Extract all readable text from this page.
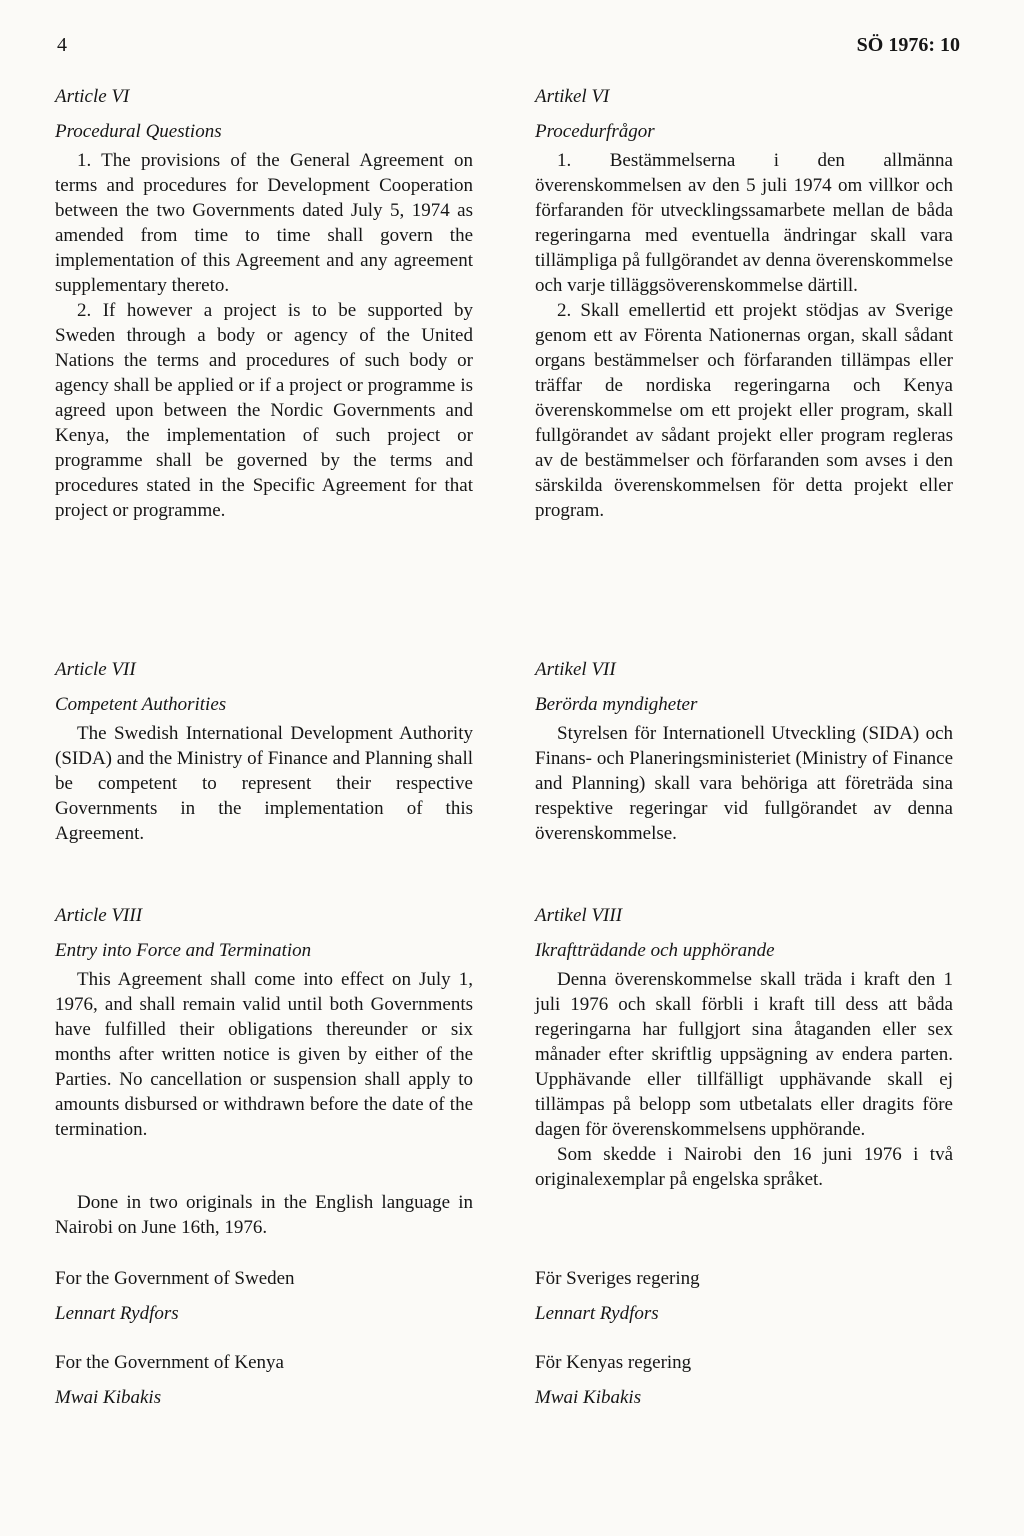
4	SÖ 1976: 10
Article VI
Procedural Questions

1. The provisions of the General Agreement on terms and procedures for Development Cooperation between the two Governments dated July 5, 1974 as amended from time to time shall govern the implementation of this Agreement and any agreement supplementary thereto.

2. If however a project is to be supported by Sweden through a body or agency of the United Nations the terms and procedures of such body or agency shall be applied or if a project or programme is agreed upon between the Nordic Governments and Kenya, the implementation of such project or programme shall be governed by the terms and procedures stated in the Specific Agreement for that project or programme.

Article VII
Competent Authorities

The Swedish International Development Authority (SIDA) and the Ministry of Finance and Planning shall be competent to represent their respective Governments in the implementation of this Agreement.

Article VIII
Entry into Force and Termination

This Agreement shall come into effect on July 1, 1976, and shall remain valid until both Governments have fulfilled their obligations thereunder or six months after written notice is given by either of the Parties. No cancellation or suspension shall apply to amounts disbursed or withdrawn before the date of the termination.

Done in two originals in the English language in Nairobi on June 16th, 1976.

For the Government of Sweden
Lennart Rydfors
For the Government of Kenya
Mwai Kibakis
Artikel VI
Procedurfrågor

1. Bestämmelserna i den allmänna överenskommelsen av den 5 juli 1974 om villkor och förfaranden för utvecklingssamarbete mellan de båda regeringarna med eventuella ändringar skall vara tillämpliga på fullgörandet av denna överenskommelse och varje tilläggsöverenskommelse därtill.

2. Skall emellertid ett projekt stödjas av Sverige genom ett av Förenta Nationernas organ, skall sådant organs bestämmelser och förfaranden tillämpas eller träffar de nordiska regeringarna och Kenya överenskommelse om ett projekt eller program, skall fullgörandet av sådant projekt eller program regleras av de bestämmelser och förfaranden som avses i den särskilda överenskommelsen för detta projekt eller program.

Artikel VII
Berörda myndigheter

Styrelsen för Internationell Utveckling (SIDA) och Finans- och Planeringsministeriet (Ministry of Finance and Planning) skall vara behöriga att företräda sina respektive regeringar vid fullgörandet av denna överenskommelse.

Artikel VIII
Ikraftträdande och upphörande

Denna överenskommelse skall träda i kraft den 1 juli 1976 och skall förbli i kraft till dess att båda regeringarna har fullgjort sina åtaganden eller sex månader efter skriftlig uppsägning av endera parten. Upphävande eller tillfälligt upphävande skall ej tillämpas på belopp som utbetalats eller dragits före dagen för överenskommelsens upphörande.

Som skedde i Nairobi den 16 juni 1976 i två originalexemplar på engelska språket.

För Sveriges regering
Lennart Rydfors
För Kenyas regering
Mwai Kibakis
